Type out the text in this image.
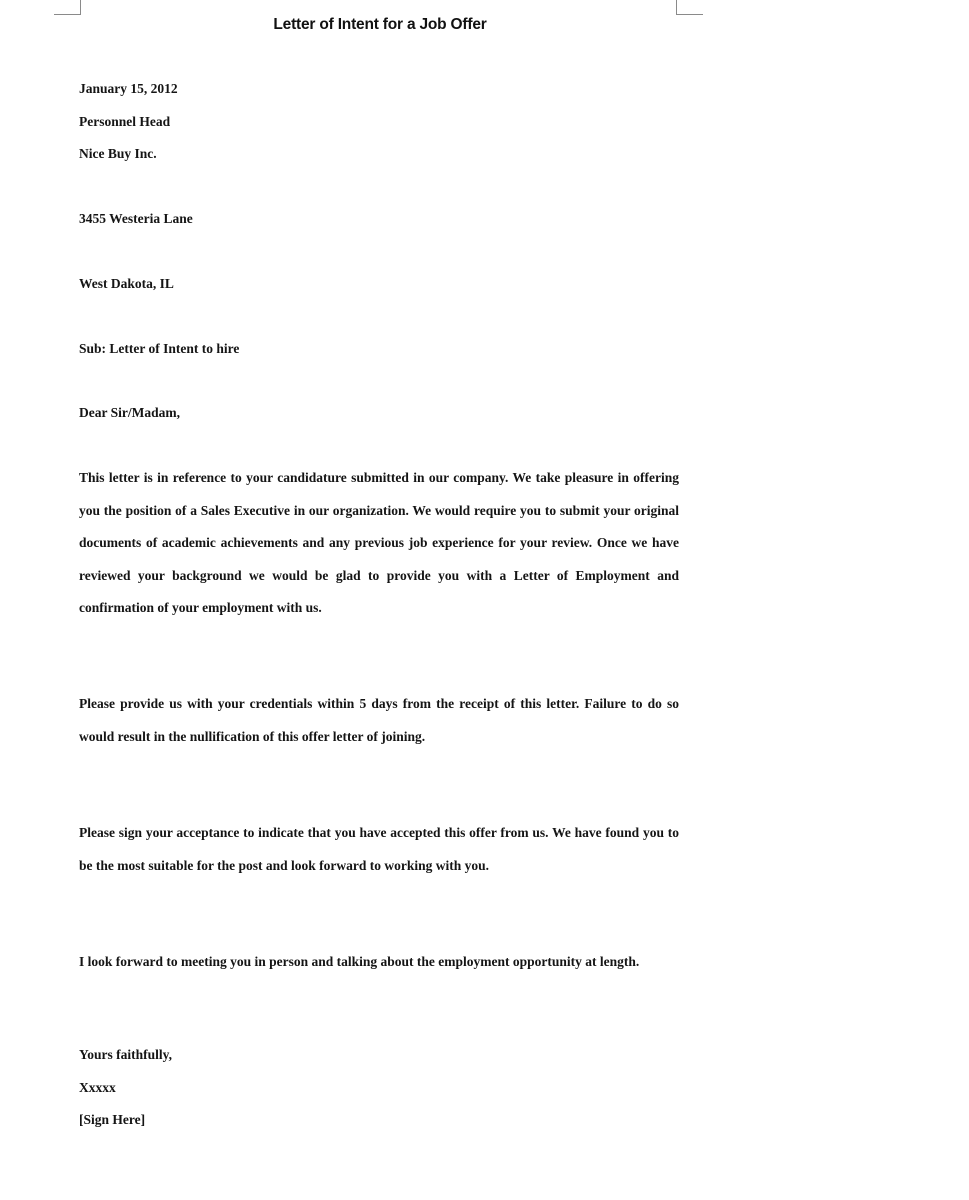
Letter of Intent for a Job Offer
January 15, 2012
Personnel Head
Nice Buy Inc.
3455 Westeria Lane
West Dakota, IL
Sub: Letter of Intent to hire
Dear Sir/Madam,

This letter is in reference to your candidature submitted in our company. We take pleasure in offering you the position of a Sales Executive in our organization. We would require you to submit your original documents of academic achievements and any previous job experience for your review. Once we have reviewed your background we would be glad to provide you with a Letter of Employment and confirmation of your employment with us.

Please provide us with your credentials within 5 days from the receipt of this letter. Failure to do so would result in the nullification of this offer letter of joining.

Please sign your acceptance to indicate that you have accepted this offer from us. We have found you to be the most suitable for the post and look forward to working with you.

I look forward to meeting you in person and talking about the employment opportunity at length.

Yours faithfully,
Xxxxx
[Sign Here]
